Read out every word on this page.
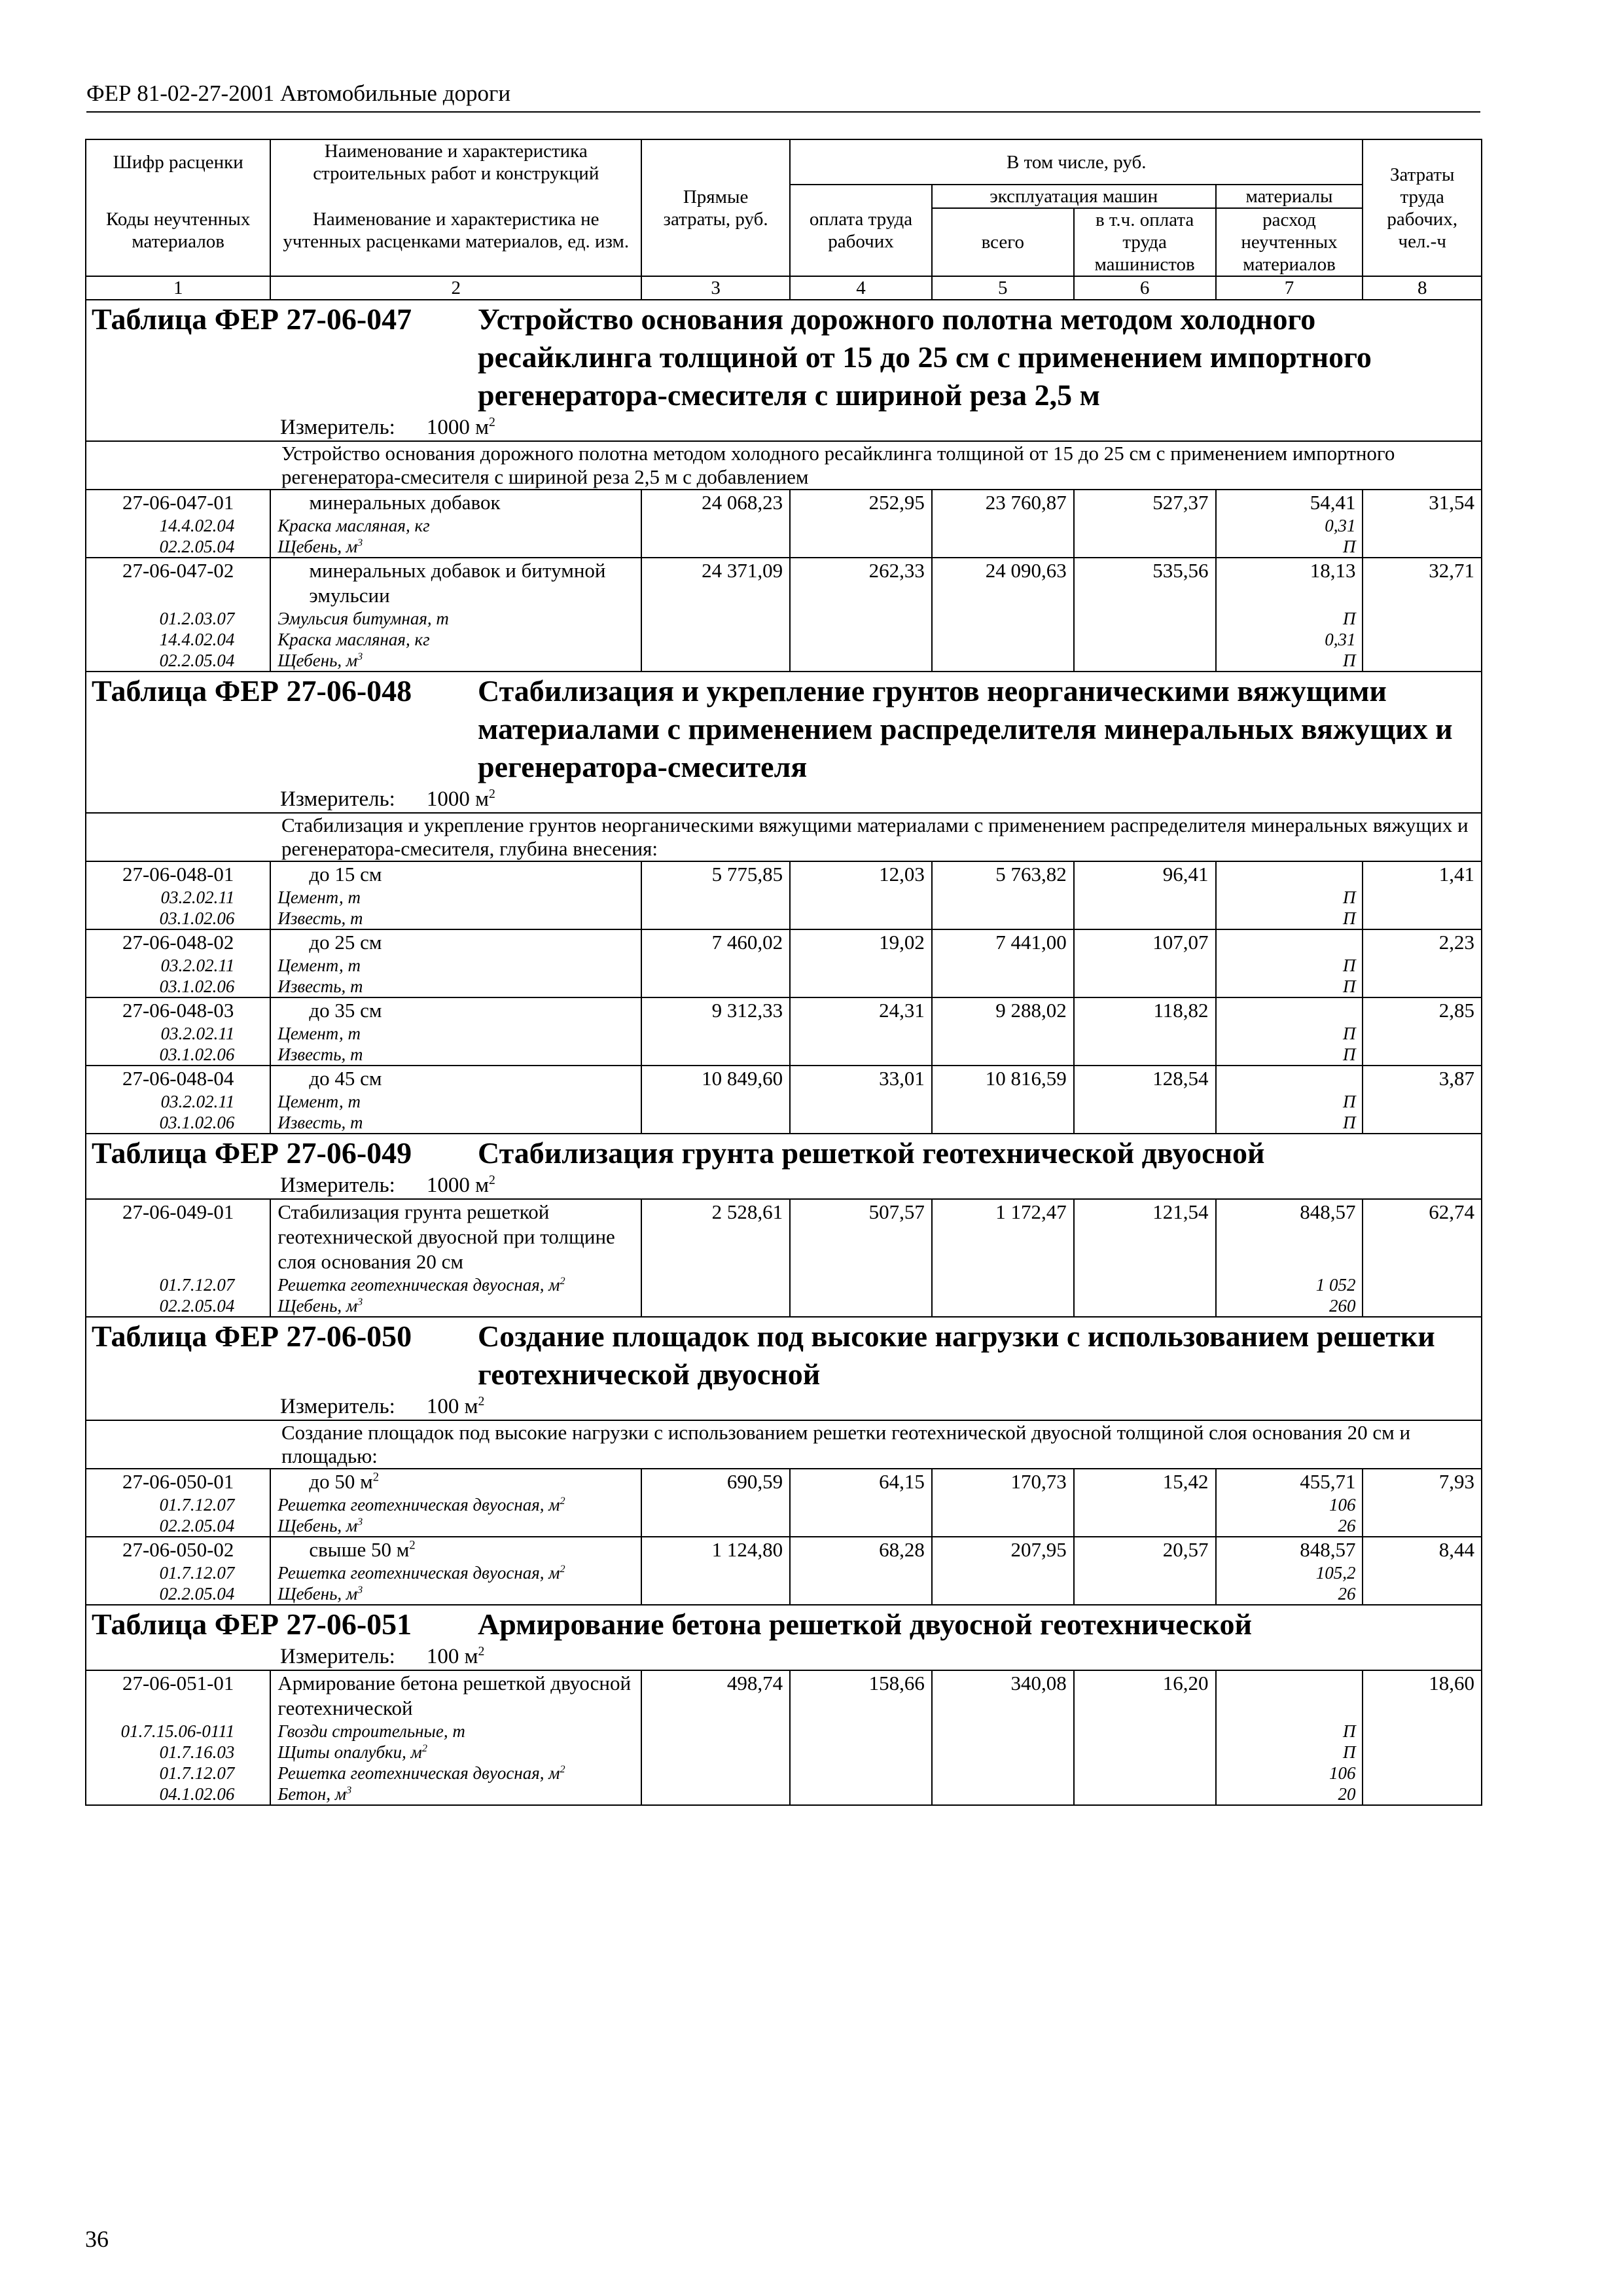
ФЕР 81-02-27-2001 Автомобильные дороги
Шифр расценки	Наименование и характеристика строительных работ и конструкций	Прямые затраты, руб.	В том числе, руб.				Затраты труда рабочих, чел.-ч
Коды неучтенных материалов	Наименование и характеристика не учтенных расценками материалов, ед. изм.		оплата труда рабочих	эксплуатация машин		материалы	
				всего	в т.ч. оплата труда машинистов	расход неучтенных материалов	
1	2	3	4	5	6	7	8

Таблица ФЕР 27-06-047 Устройство основания дорожного полотна методом холодного ресайклинга толщиной от 15 до 25 см с применением импортного регенератора-смесителя с шириной реза 2,5 м							

Измеритель: 1000 $м^2$

Устройство основания дорожного полотна методом холодного ресайклинга толщиной от 15 до 25 см с применением импортного регенератора-смесителя с шириной реза 2,5 м с добавлением							

27-06-047-01	минеральных добавок	24 068,23	252,95	23 760,87	527,37	54,41	31,54
14.4.02.04	Краска масляная, кг					0,31	
02.2.05.04	Щебень, $м^3$					П	
27-06-047-02	минеральных добавок и битумной эмульсии	24 371,09	262,33	24 090,63	535,56	18,13	32,71
01.2.03.07	Эмульсия битумная, т					П	
14.4.02.04	Краска масляная, кг					0,31	
02.2.05.04	Щебень, $м^3$					П	

Таблица ФЕР 27-06-048 Стабилизация и укрепление грунтов неорганическими вяжущими материалами с применением распределителя минеральных вяжущих и регенератора-смесителя							

Измеритель: 1000 $м^2$

Стабилизация и укрепление грунтов неорганическими вяжущими материалами с применением распределителя минеральных вяжущих и регенератора-смесителя, глубина внесения:							

27-06-048-01	до 15 см	5 775,85	12,03	5 763,82	96,41		1,41
03.2.02.11	Цемент, т					П	
03.1.02.06	Известь, т					П	
27-06-048-02	до 25 см	7 460,02	19,02	7 441,00	107,07		2,23
03.2.02.11	Цемент, т					П	
03.1.02.06	Известь, т					П	
27-06-048-03	до 35 см	9 312,33	24,31	9 288,02	118,82		2,85
03.2.02.11	Цемент, т					П	
03.1.02.06	Известь, т					П	
27-06-048-04	до 45 см	10 849,60	33,01	10 816,59	128,54		3,87
03.2.02.11	Цемент, т					П	
03.1.02.06	Известь, т					П	

Таблица ФЕР 27-06-049 Стабилизация грунта решеткой геотехнической двуосной							

Измеритель: 1000 $м^2$

27-06-049-01	Стабилизация грунта решеткой геотехнической двуосной при толщине слоя основания 20 см	2 528,61	507,57	1 172,47	121,54	848,57	62,74
01.7.12.07	Решетка геотехническая двуосная, $м^2$					1 052	
02.2.05.04	Щебень, $м^3$					260	

Таблица ФЕР 27-06-050 Создание площадок под высокие нагрузки с использованием решетки геотехнической двуосной							

Измеритель: 100 $м^2$

Создание площадок под высокие нагрузки с использованием решетки геотехнической двуосной толщиной слоя основания 20 см и площадью:							

27-06-050-01	до 50 $м^2$	690,59	64,15	170,73	15,42	455,71	7,93
01.7.12.07	Решетка геотехническая двуосная, $м^2$					106	
02.2.05.04	Щебень, $м^3$					26	
27-06-050-02	свыше 50 $м^2$	1 124,80	68,28	207,95	20,57	848,57	8,44
01.7.12.07	Решетка геотехническая двуосная, $м^2$					105,2	
02.2.05.04	Щебень, $м^3$					26	

Таблица ФЕР 27-06-051 Армирование бетона решеткой двуосной геотехнической							

Измеритель: 100 $м^2$

27-06-051-01	Армирование бетона решеткой двуосной геотехнической	498,74	158,66	340,08	16,20		18,60
01.7.15.06-0111	Гвозди строительные, т					П	
01.7.16.03	Щиты опалубки, $м^2$					П	
01.7.12.07	Решетка геотехническая двуосная, $м^2$					106	
04.1.02.06	Бетон, $м^3$					20	
36
